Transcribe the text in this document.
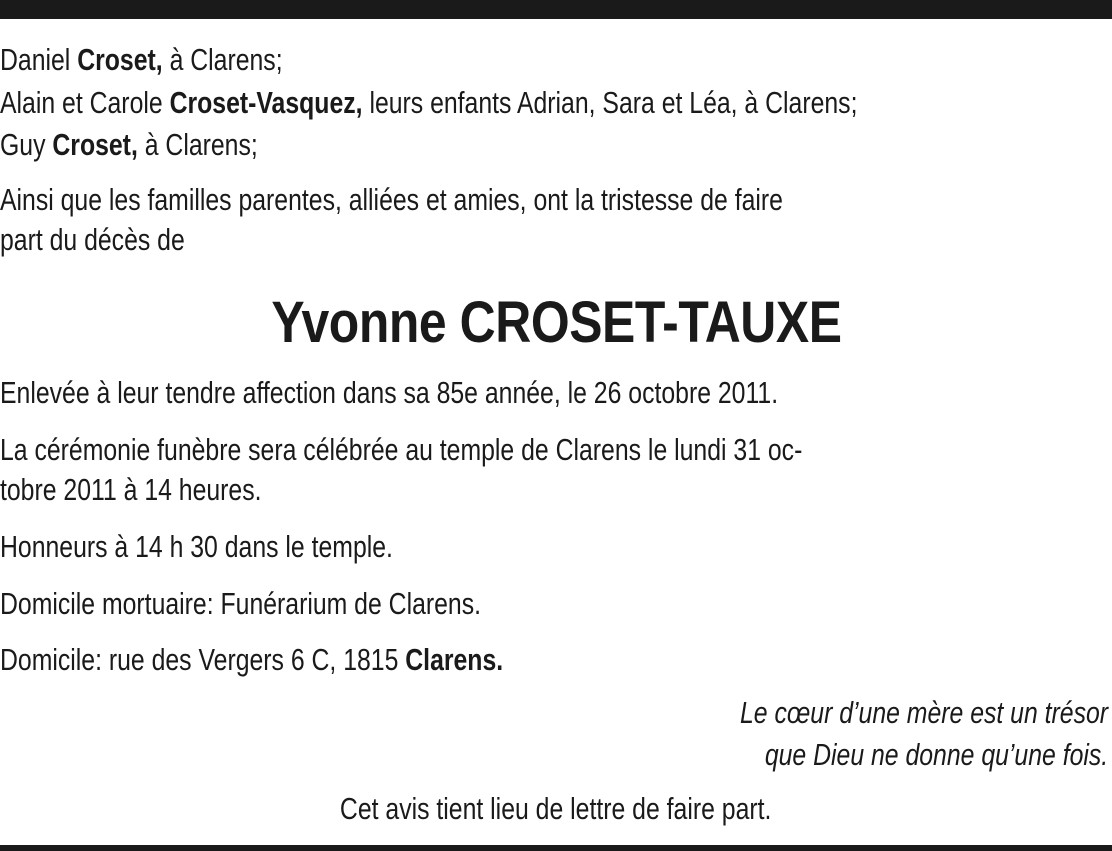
Daniel Croset, à Clarens;
Alain et Carole Croset-Vasquez, leurs enfants Adrian, Sara et Léa, à Clarens;
Guy Croset, à Clarens;
Ainsi que les familles parentes, alliées et amies, ont la tristesse de faire
part du décès de
Yvonne CROSET-TAUXE
Enlevée à leur tendre affection dans sa 85e année, le 26 octobre 2011.
La cérémonie funèbre sera célébrée au temple de Clarens le lundi 31 oc-
tobre 2011 à 14 heures.
Honneurs à 14 h 30 dans le temple.
Domicile mortuaire: Funérarium de Clarens.
Domicile: rue des Vergers 6 C, 1815 Clarens.
Le cœur d’une mère est un trésor
que Dieu ne donne qu’une fois.
Cet avis tient lieu de lettre de faire part.
